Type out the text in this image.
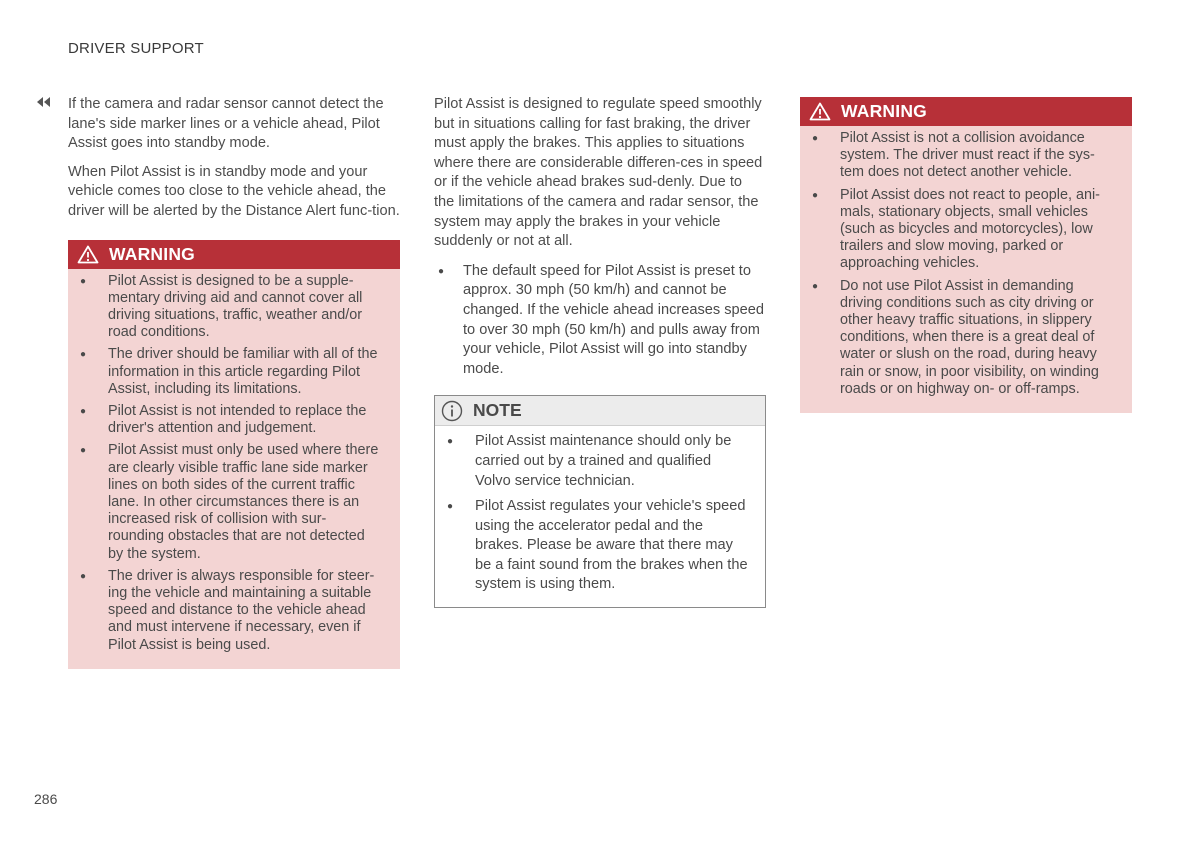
DRIVER SUPPORT

If the camera and radar sensor cannot detect the lane's side marker lines or a vehicle ahead, Pilot Assist goes into standby mode.

When Pilot Assist is in standby mode and your vehicle comes too close to the vehicle ahead, the driver will be alerted by the Distance Alert func-tion.

WARNING
● Pilot Assist is designed to be a supple-mentary driving aid and cannot cover all driving situations, traffic, weather and/or road conditions.
● The driver should be familiar with all of the information in this article regarding Pilot Assist, including its limitations.
● Pilot Assist is not intended to replace the driver's attention and judgement.
● Pilot Assist must only be used where there are clearly visible traffic lane side marker lines on both sides of the current traffic lane. In other circumstances there is an increased risk of collision with sur-rounding obstacles that are not detected by the system.
● The driver is always responsible for steer-ing the vehicle and maintaining a suitable speed and distance to the vehicle ahead and must intervene if necessary, even if Pilot Assist is being used.

Pilot Assist is designed to regulate speed smoothly but in situations calling for fast braking, the driver must apply the brakes. This applies to situations where there are considerable differen-ces in speed or if the vehicle ahead brakes sud-denly. Due to the limitations of the camera and radar sensor, the system may apply the brakes in your vehicle suddenly or not at all.

● The default speed for Pilot Assist is preset to approx. 30 mph (50 km/h) and cannot be changed. If the vehicle ahead increases speed to over 30 mph (50 km/h) and pulls away from your vehicle, Pilot Assist will go into standby mode.
NOTE
● Pilot Assist maintenance should only be carried out by a trained and qualified Volvo service technician.
● Pilot Assist regulates your vehicle's speed using the accelerator pedal and the brakes. Please be aware that there may be a faint sound from the brakes when the system is using them.
WARNING
● Pilot Assist is not a collision avoidance system. The driver must react if the sys-tem does not detect another vehicle.
● Pilot Assist does not react to people, ani-mals, stationary objects, small vehicles (such as bicycles and motorcycles), low trailers and slow moving, parked or approaching vehicles.
● Do not use Pilot Assist in demanding driving conditions such as city driving or other heavy traffic situations, in slippery conditions, when there is a great deal of water or slush on the road, during heavy rain or snow, in poor visibility, on winding roads or on highway on- or off-ramps.
286
